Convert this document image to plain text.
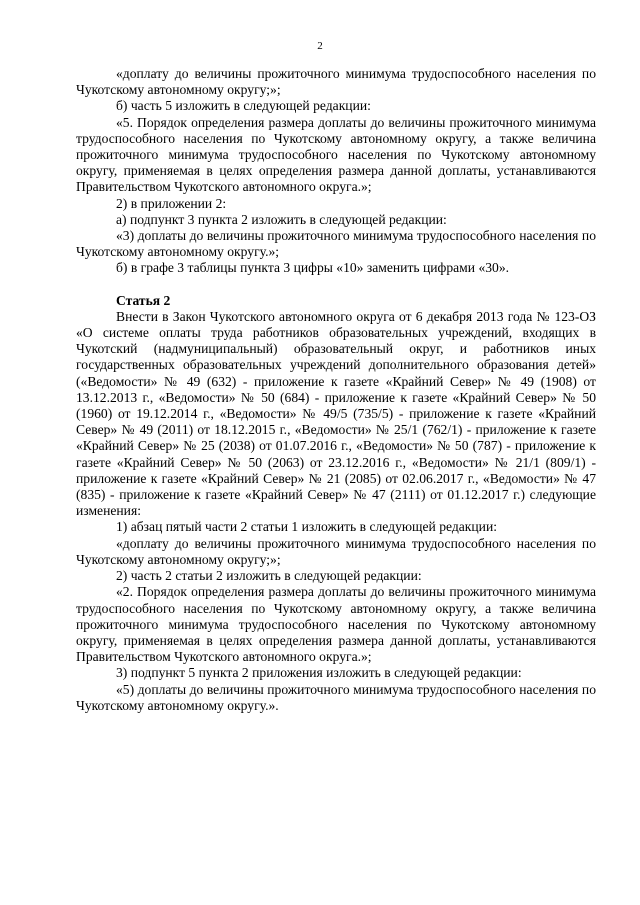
2

«доплату до величины прожиточного минимума трудоспособного населения по Чукотскому автономному округу;»;

б) часть 5 изложить в следующей редакции:

«5. Порядок определения размера доплаты до величины прожиточного минимума трудоспособного населения по Чукотскому автономному округу, а также величина прожиточного минимума трудоспособного населения по Чукотскому автономному округу, применяемая в целях определения размера данной доплаты, устанавливаются Правительством Чукотского автономного округа.»;

2) в приложении 2:

а) подпункт 3 пункта 2 изложить в следующей редакции:

«3) доплаты до величины прожиточного минимума трудоспособного населения по Чукотскому автономному округу.»;

б) в графе 3 таблицы пункта 3 цифры «10» заменить цифрами «30».

Статья 2

Внести в Закон Чукотского автономного округа от 6 декабря 2013 года № 123-ОЗ «О системе оплаты труда работников образовательных учреждений, входящих в Чукотский (надмуниципальный) образовательный округ, и работников иных государственных образовательных учреждений дополнительного образования детей» («Ведомости» № 49 (632) - приложение к газете «Крайний Север» № 49 (1908) от 13.12.2013 г., «Ведомости» № 50 (684) - приложение к газете «Крайний Север» № 50 (1960) от 19.12.2014 г., «Ведомости» № 49/5 (735/5) - приложение к газете «Крайний Север» № 49 (2011) от 18.12.2015 г., «Ведомости» № 25/1 (762/1) - приложение к газете «Крайний Север» № 25 (2038) от 01.07.2016 г., «Ведомости» № 50 (787) - приложение к газете «Крайний Север» № 50 (2063) от 23.12.2016 г., «Ведомости» № 21/1 (809/1) - приложение к газете «Крайний Север» № 21 (2085) от 02.06.2017 г., «Ведомости» № 47 (835) - приложение к газете «Крайний Север» № 47 (2111) от 01.12.2017 г.) следующие изменения:

1) абзац пятый части 2 статьи 1 изложить в следующей редакции:

«доплату до величины прожиточного минимума трудоспособного населения по Чукотскому автономному округу;»;

2) часть 2 статьи 2 изложить в следующей редакции:

«2. Порядок определения размера доплаты до величины прожиточного минимума трудоспособного населения по Чукотскому автономному округу, а также величина прожиточного минимума трудоспособного населения по Чукотскому автономному округу, применяемая в целях определения размера данной доплаты, устанавливаются Правительством Чукотского автономного округа.»;

3) подпункт 5 пункта 2 приложения изложить в следующей редакции:

«5) доплаты до величины прожиточного минимума трудоспособного населения по Чукотскому автономному округу.».
